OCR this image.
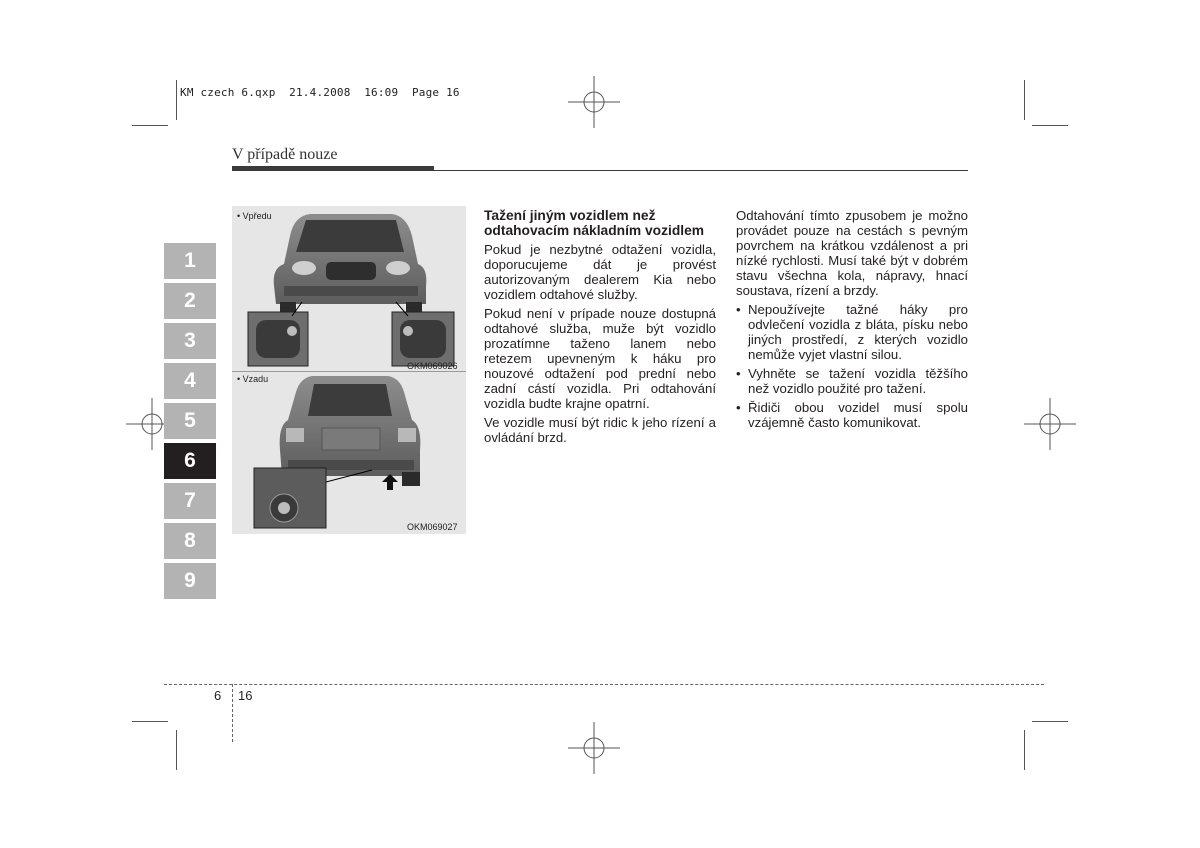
KM czech 6.qxp  21.4.2008  16:09  Page 16
V případě nouze
1
2
3
4
5
6
7
8
9
• Vpředu
OKM069026
• Vzadu
OKM069027
Tažení jiným vozidlem než odtahovacím nákladním vozidlem

Pokud je nezbytné odtažení vozidla, doporucujeme dát je provést autorizovaným dealerem Kia nebo vozidlem odtahové služby.

Pokud není v prípade nouze dostupná odtahové služba, muže být vozidlo prozatímne taženo lanem nebo retezem upevneným k háku pro nouzové odtažení pod prední nebo zadní cástí vozidla. Pri odtahování vozidla budte krajne opatrní.

Ve vozidle musí být ridic k jeho rízení a ovládání brzd.

Odtahování tímto zpusobem je možno provádet pouze na cestách s pevným povrchem na krátkou vzdálenost a pri nízké rychlosti. Musí také být v dobrém stavu všechna kola, nápravy, hnací soustava, rízení a brzdy.

• Nepoužívejte tažné háky pro odvlečení vozidla z bláta, písku nebo jiných prostředí, z kterých vozidlo nemůže vyjet vlastní silou.
• Vyhněte se tažení vozidla těžšího než vozidlo použité pro tažení.
• Řidiči obou vozidel musí spolu vzájemně často komunikovat.
6 16
